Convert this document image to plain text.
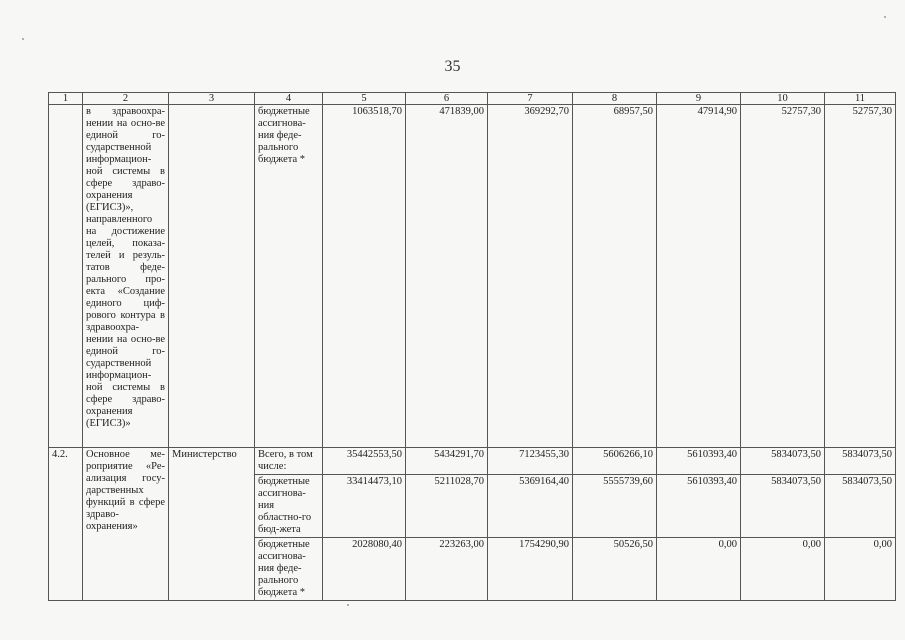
35
1	2	3	4	5	6	7	8	9	10	11
	в здравоохра-нении на осно-ве единой го-сударственной информацион-ной системы в сфере здраво-охранения (ЕГИСЗ)», направленного на достижение целей, показа-телей и резуль-татов феде-рального про-екта «Создание единого циф-рового контура в здравоохра-нении на осно-ве единой го-сударственной информацион-ной системы в сфере здраво-охранения (ЕГИСЗ)»		бюджетные ассигнова-ния феде-рального бюджета *	1063518,70	471839,00	369292,70	68957,50	47914,90	52757,30	52757,30
4.2.	Основное ме-роприятие «Ре-ализация госу-дарственных функций в сфере здраво-охранения»	Министерство	Всего, в том числе:	35442553,50	5434291,70	7123455,30	5606266,10	5610393,40	5834073,50	5834073,50
			бюджетные ассигнова-ния областно-го бюд-жета	33414473,10	5211028,70	5369164,40	5555739,60	5610393,40	5834073,50	5834073,50
			бюджетные ассигнова-ния феде-рального бюджета *	2028080,40	223263,00	1754290,90	50526,50	0,00	0,00	0,00
